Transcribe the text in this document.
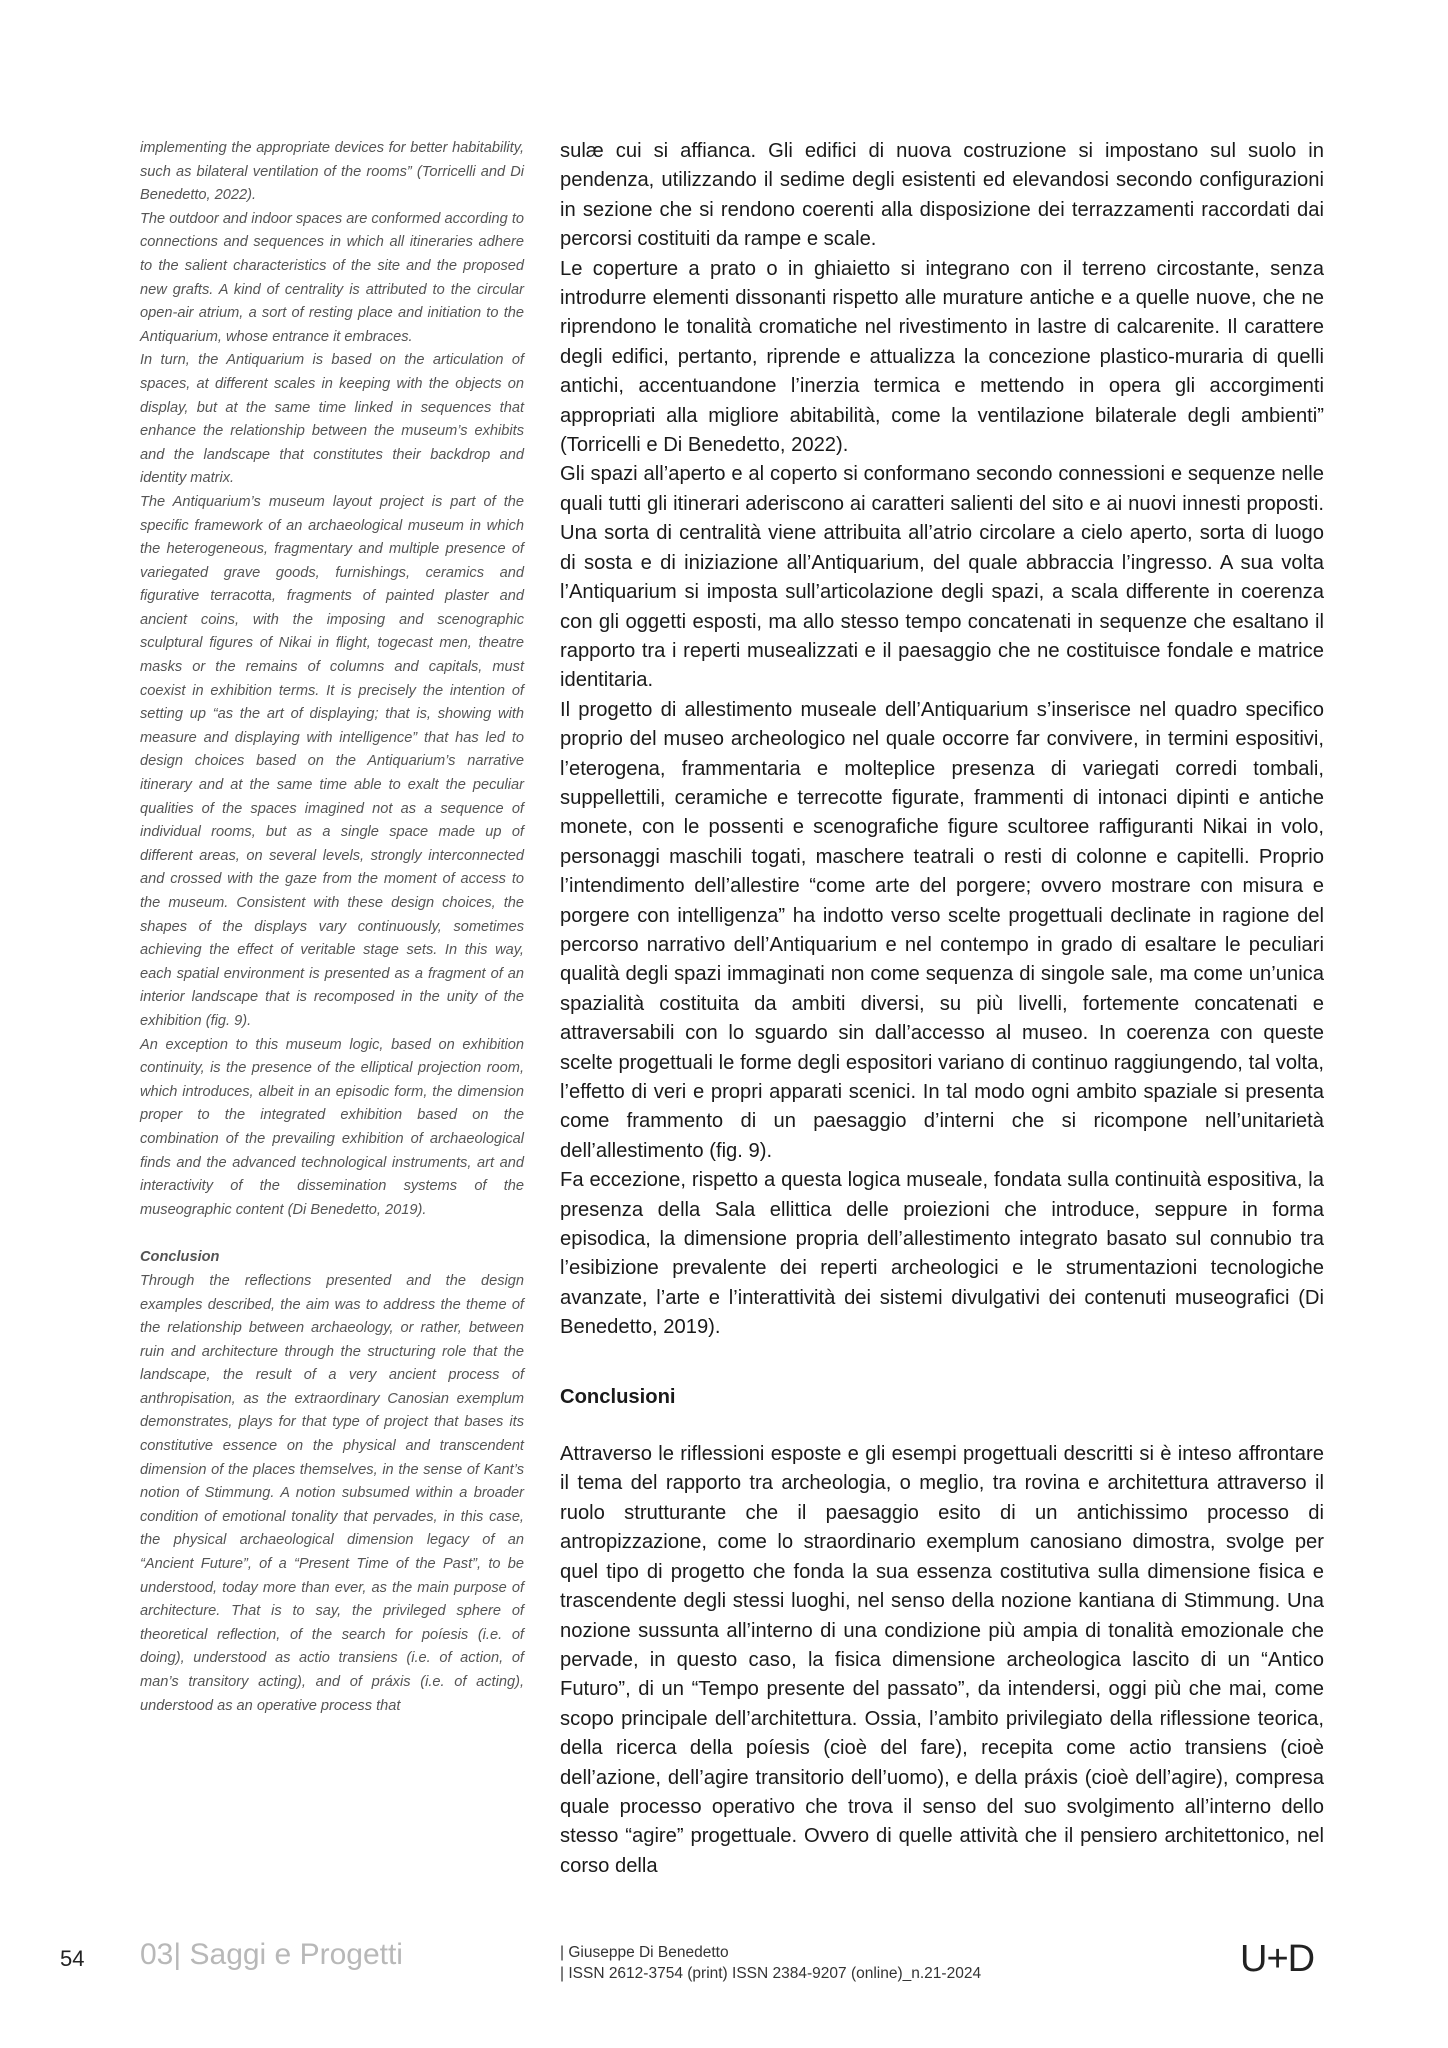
implementing the appropriate devices for better habitability, such as bilateral ventilation of the rooms” (Torricelli and Di Benedetto, 2022).

The outdoor and indoor spaces are conformed according to connections and sequences in which all itineraries adhere to the salient characteristics of the site and the proposed new grafts. A kind of centrality is attributed to the circular open-air atrium, a sort of resting place and initiation to the Antiquarium, whose entrance it embraces.

In turn, the Antiquarium is based on the articulation of spaces, at different scales in keeping with the objects on display, but at the same time linked in sequences that enhance the relationship between the museum’s exhibits and the landscape that constitutes their backdrop and identity matrix.

The Antiquarium’s museum layout project is part of the specific framework of an archaeological museum in which the heterogeneous, fragmentary and multiple presence of variegated grave goods, furnishings, ceramics and figurative terracotta, fragments of painted plaster and ancient coins, with the imposing and scenographic sculptural figures of Nikai in flight, togecast men, theatre masks or the remains of columns and capitals, must coexist in exhibition terms. It is precisely the intention of setting up “as the art of displaying; that is, showing with measure and displaying with intelligence” that has led to design choices based on the Antiquarium’s narrative itinerary and at the same time able to exalt the peculiar qualities of the spaces imagined not as a sequence of individual rooms, but as a single space made up of different areas, on several levels, strongly interconnected and crossed with the gaze from the moment of access to the museum. Consistent with these design choices, the shapes of the displays vary continuously, sometimes achieving the effect of veritable stage sets. In this way, each spatial environment is presented as a fragment of an interior landscape that is recomposed in the unity of the exhibition (fig. 9).

An exception to this museum logic, based on exhibition continuity, is the presence of the elliptical projection room, which introduces, albeit in an episodic form, the dimension proper to the integrated exhibition based on the combination of the prevailing exhibition of archaeological finds and the advanced technological instruments, art and interactivity of the dissemination systems of the museographic content (Di Benedetto, 2019).

Conclusion

Through the reflections presented and the design examples described, the aim was to address the theme of the relationship between archaeology, or rather, between ruin and architecture through the structuring role that the landscape, the result of a very ancient process of anthropisation, as the extraordinary Canosian exemplum demonstrates, plays for that type of project that bases its constitutive essence on the physical and transcendent dimension of the places themselves, in the sense of Kant’s notion of Stimmung. A notion subsumed within a broader condition of emotional tonality that pervades, in this case, the physical archaeological dimension legacy of an “Ancient Future”, of a “Present Time of the Past”, to be understood, today more than ever, as the main purpose of architecture. That is to say, the privileged sphere of theoretical reflection, of the search for poíesis (i.e. of doing), understood as actio transiens (i.e. of action, of man’s transitory acting), and of práxis (i.e. of acting), understood as an operative process that

sulæ cui si affianca. Gli edifici di nuova costruzione si impostano sul suolo in pendenza, utilizzando il sedime degli esistenti ed elevandosi secondo configurazioni in sezione che si rendono coerenti alla disposizione dei terrazzamenti raccordati dai percorsi costituiti da rampe e scale.

Le coperture a prato o in ghiaietto si integrano con il terreno circostante, senza introdurre elementi dissonanti rispetto alle murature antiche e a quelle nuove, che ne riprendono le tonalità cromatiche nel rivestimento in lastre di calcarenite. Il carattere degli edifici, pertanto, riprende e attualizza la concezione plastico-muraria di quelli antichi, accentuandone l’inerzia termica e mettendo in opera gli accorgimenti appropriati alla migliore abitabilità, come la ventilazione bilaterale degli ambienti” (Torricelli e Di Benedetto, 2022).

Gli spazi all’aperto e al coperto si conformano secondo connessioni e sequenze nelle quali tutti gli itinerari aderiscono ai caratteri salienti del sito e ai nuovi innesti proposti. Una sorta di centralità viene attribuita all’atrio circolare a cielo aperto, sorta di luogo di sosta e di iniziazione all’Antiquarium, del quale abbraccia l’ingresso. A sua volta l’Antiquarium si imposta sull’articolazione degli spazi, a scala differente in coerenza con gli oggetti esposti, ma allo stesso tempo concatenati in sequenze che esaltano il rapporto tra i reperti musealizzati e il paesaggio che ne costituisce fondale e matrice identitaria.

Il progetto di allestimento museale dell’Antiquarium s’inserisce nel quadro specifico proprio del museo archeologico nel quale occorre far convivere, in termini espositivi, l’eterogena, frammentaria e molteplice presenza di variegati corredi tombali, suppellettili, ceramiche e terrecotte figurate, frammenti di intonaci dipinti e antiche monete, con le possenti e scenografiche figure scultoree raffiguranti Nikai in volo, personaggi maschili togati, maschere teatrali o resti di colonne e capitelli. Proprio l’intendimento dell’allestire “come arte del porgere; ovvero mostrare con misura e porgere con intelligenza” ha indotto verso scelte progettuali declinate in ragione del percorso narrativo dell’Antiquarium e nel contempo in grado di esaltare le peculiari qualità degli spazi immaginati non come sequenza di singole sale, ma come un’unica spazialità costituita da ambiti diversi, su più livelli, fortemente concatenati e attraversabili con lo sguardo sin dall’accesso al museo. In coerenza con queste scelte progettuali le forme degli espositori variano di continuo raggiungendo, tal volta, l’effetto di veri e propri apparati scenici. In tal modo ogni ambito spaziale si presenta come frammento di un paesaggio d’interni che si ricompone nell’unitarietà dell’allestimento (fig. 9).

Fa eccezione, rispetto a questa logica museale, fondata sulla continuità espositiva, la presenza della Sala ellittica delle proiezioni che introduce, seppure in forma episodica, la dimensione propria dell’allestimento integrato basato sul connubio tra l’esibizione prevalente dei reperti archeologici e le strumentazioni tecnologiche avanzate, l’arte e l’interattività dei sistemi divulgativi dei contenuti museografici (Di Benedetto, 2019).

Conclusioni

Attraverso le riflessioni esposte e gli esempi progettuali descritti si è inteso affrontare il tema del rapporto tra archeologia, o meglio, tra rovina e architettura attraverso il ruolo strutturante che il paesaggio esito di un antichissimo processo di antropizzazione, come lo straordinario exemplum canosiano dimostra, svolge per quel tipo di progetto che fonda la sua essenza costitutiva sulla dimensione fisica e trascendente degli stessi luoghi, nel senso della nozione kantiana di Stimmung. Una nozione sussunta all’interno di una condizione più ampia di tonalità emozionale che pervade, in questo caso, la fisica dimensione archeologica lascito di un “Antico Futuro”, di un “Tempo presente del passato”, da intendersi, oggi più che mai, come scopo principale dell’architettura. Ossia, l’ambito privilegiato della riflessione teorica, della ricerca della poíesis (cioè del fare), recepita come actio transiens (cioè dell’azione, dell’agire transitorio dell’uomo), e della práxis (cioè dell’agire), compresa quale processo operativo che trova il senso del suo svolgimento all’interno dello stesso “agire” progettuale. Ovvero di quelle attività che il pensiero architettonico, nel corso della

54 03| Saggi e Progetti	| Giuseppe Di Benedetto
| ISSN 2612-3754 (print) ISSN 2384-9207 (online)_n.21-2024	U+D
